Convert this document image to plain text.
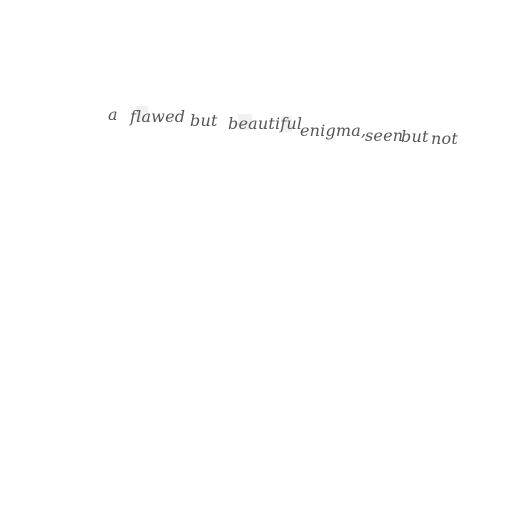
a flawed but beautiful
enigma,
seen
but not
